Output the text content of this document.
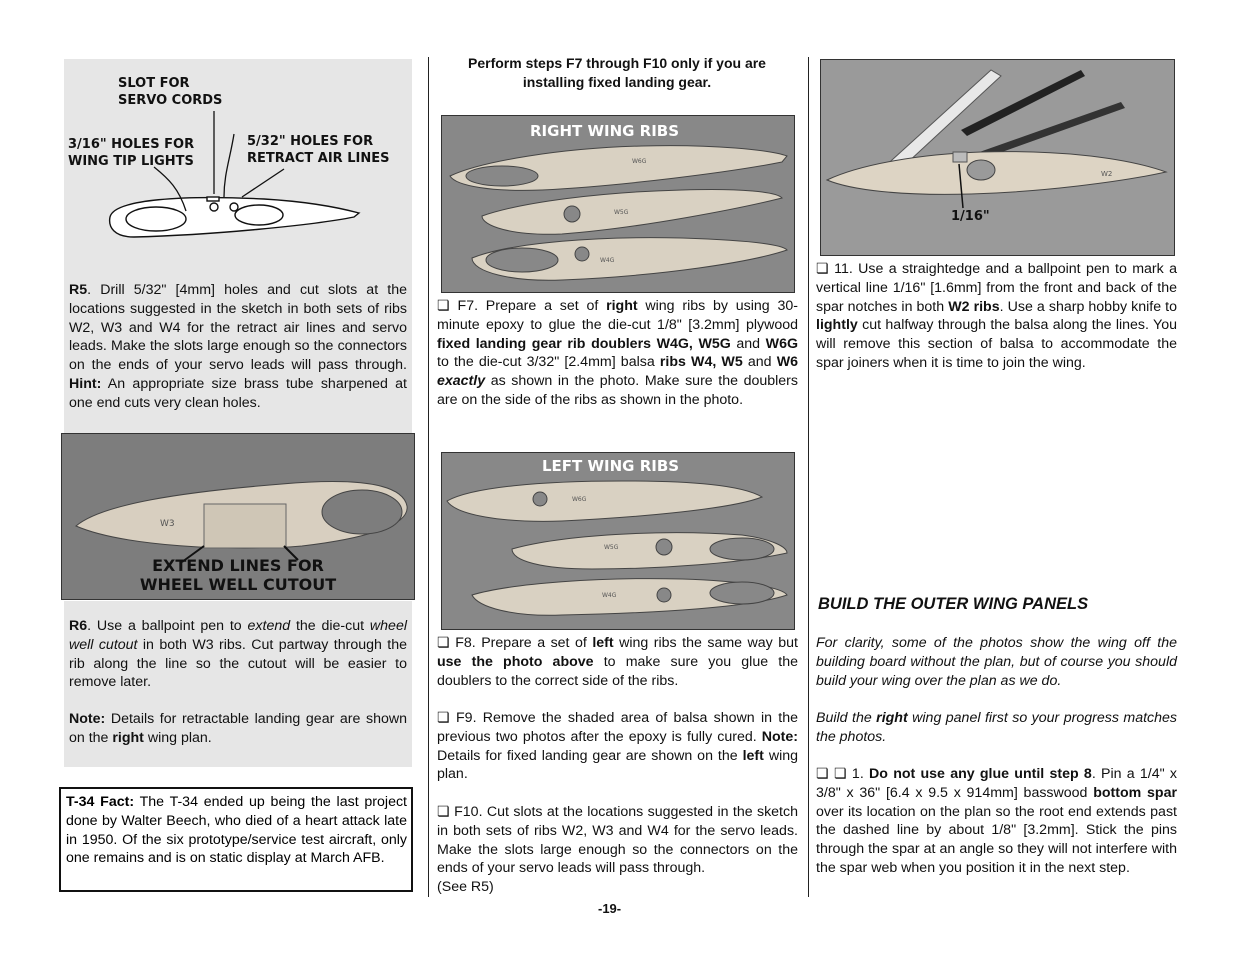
SLOT FOR
SERVO CORDS
3/16" HOLES FOR
WING TIP LIGHTS
5/32" HOLES FOR
RETRACT AIR LINES

R5. Drill 5/32" [4mm] holes and cut slots at the locations suggested in the sketch in both sets of ribs W2, W3 and W4 for the retract air lines and servo leads. Make the slots large enough so the connectors on the ends of your servo leads will pass through. Hint: An appropriate size brass tube sharpened at one end cuts very clean holes.

W3
EXTEND LINES FOR
WHEEL WELL CUTOUT

R6. Use a ballpoint pen to extend the die-cut wheel well cutout in both W3 ribs. Cut partway through the rib along the line so the cutout will be easier to remove later.

Note: Details for retractable landing gear are shown on the right wing plan.

T-34 Fact: The T-34 ended up being the last project done by Walter Beech, who died of a heart attack late in 1950. Of the six prototype/service test aircraft, only one remains and is on static display at March AFB.

Perform steps F7 through F10 only if you are
installing fixed landing gear.
RIGHT WING RIBS
W6G
W5G
W4G

❏ F7. Prepare a set of right wing ribs by using 30-minute epoxy to glue the die-cut 1/8" [3.2mm] plywood fixed landing gear rib doublers W4G, W5G and W6G to the die-cut 3/32" [2.4mm] balsa ribs W4, W5 and W6 exactly as shown in the photo. Make sure the doublers are on the side of the ribs as shown in the photo.

LEFT WING RIBS
W6G
W5G
W4G

❏ F8. Prepare a set of left wing ribs the same way but use the photo above to make sure you glue the doublers to the correct side of the ribs.

❏ F9. Remove the shaded area of balsa shown in the previous two photos after the epoxy is fully cured. Note: Details for fixed landing gear are shown on the left wing plan.

❏ F10. Cut slots at the locations suggested in the sketch in both sets of ribs W2, W3 and W4 for the servo leads. Make the slots large enough so the connectors on the ends of your servo leads will pass through.

(See R5)
-19-
W2
1/16"

❏ 11. Use a straightedge and a ballpoint pen to mark a vertical line 1/16" [1.6mm] from the front and back of the spar notches in both W2 ribs. Use a sharp hobby knife to lightly cut halfway through the balsa along the lines. You will remove this section of balsa to accommodate the spar joiners when it is time to join the wing.

BUILD THE OUTER WING PANELS

For clarity, some of the photos show the wing off the building board without the plan, but of course you should build your wing over the plan as we do.

Build the right wing panel first so your progress matches the photos.

❏ ❏ 1. Do not use any glue until step 8. Pin a 1/4" x 3/8" x 36" [6.4 x 9.5 x 914mm] basswood bottom spar over its location on the plan so the root end extends past the dashed line by about 1/8" [3.2mm]. Stick the pins through the spar at an angle so they will not interfere with the spar web when you position it in the next step.
